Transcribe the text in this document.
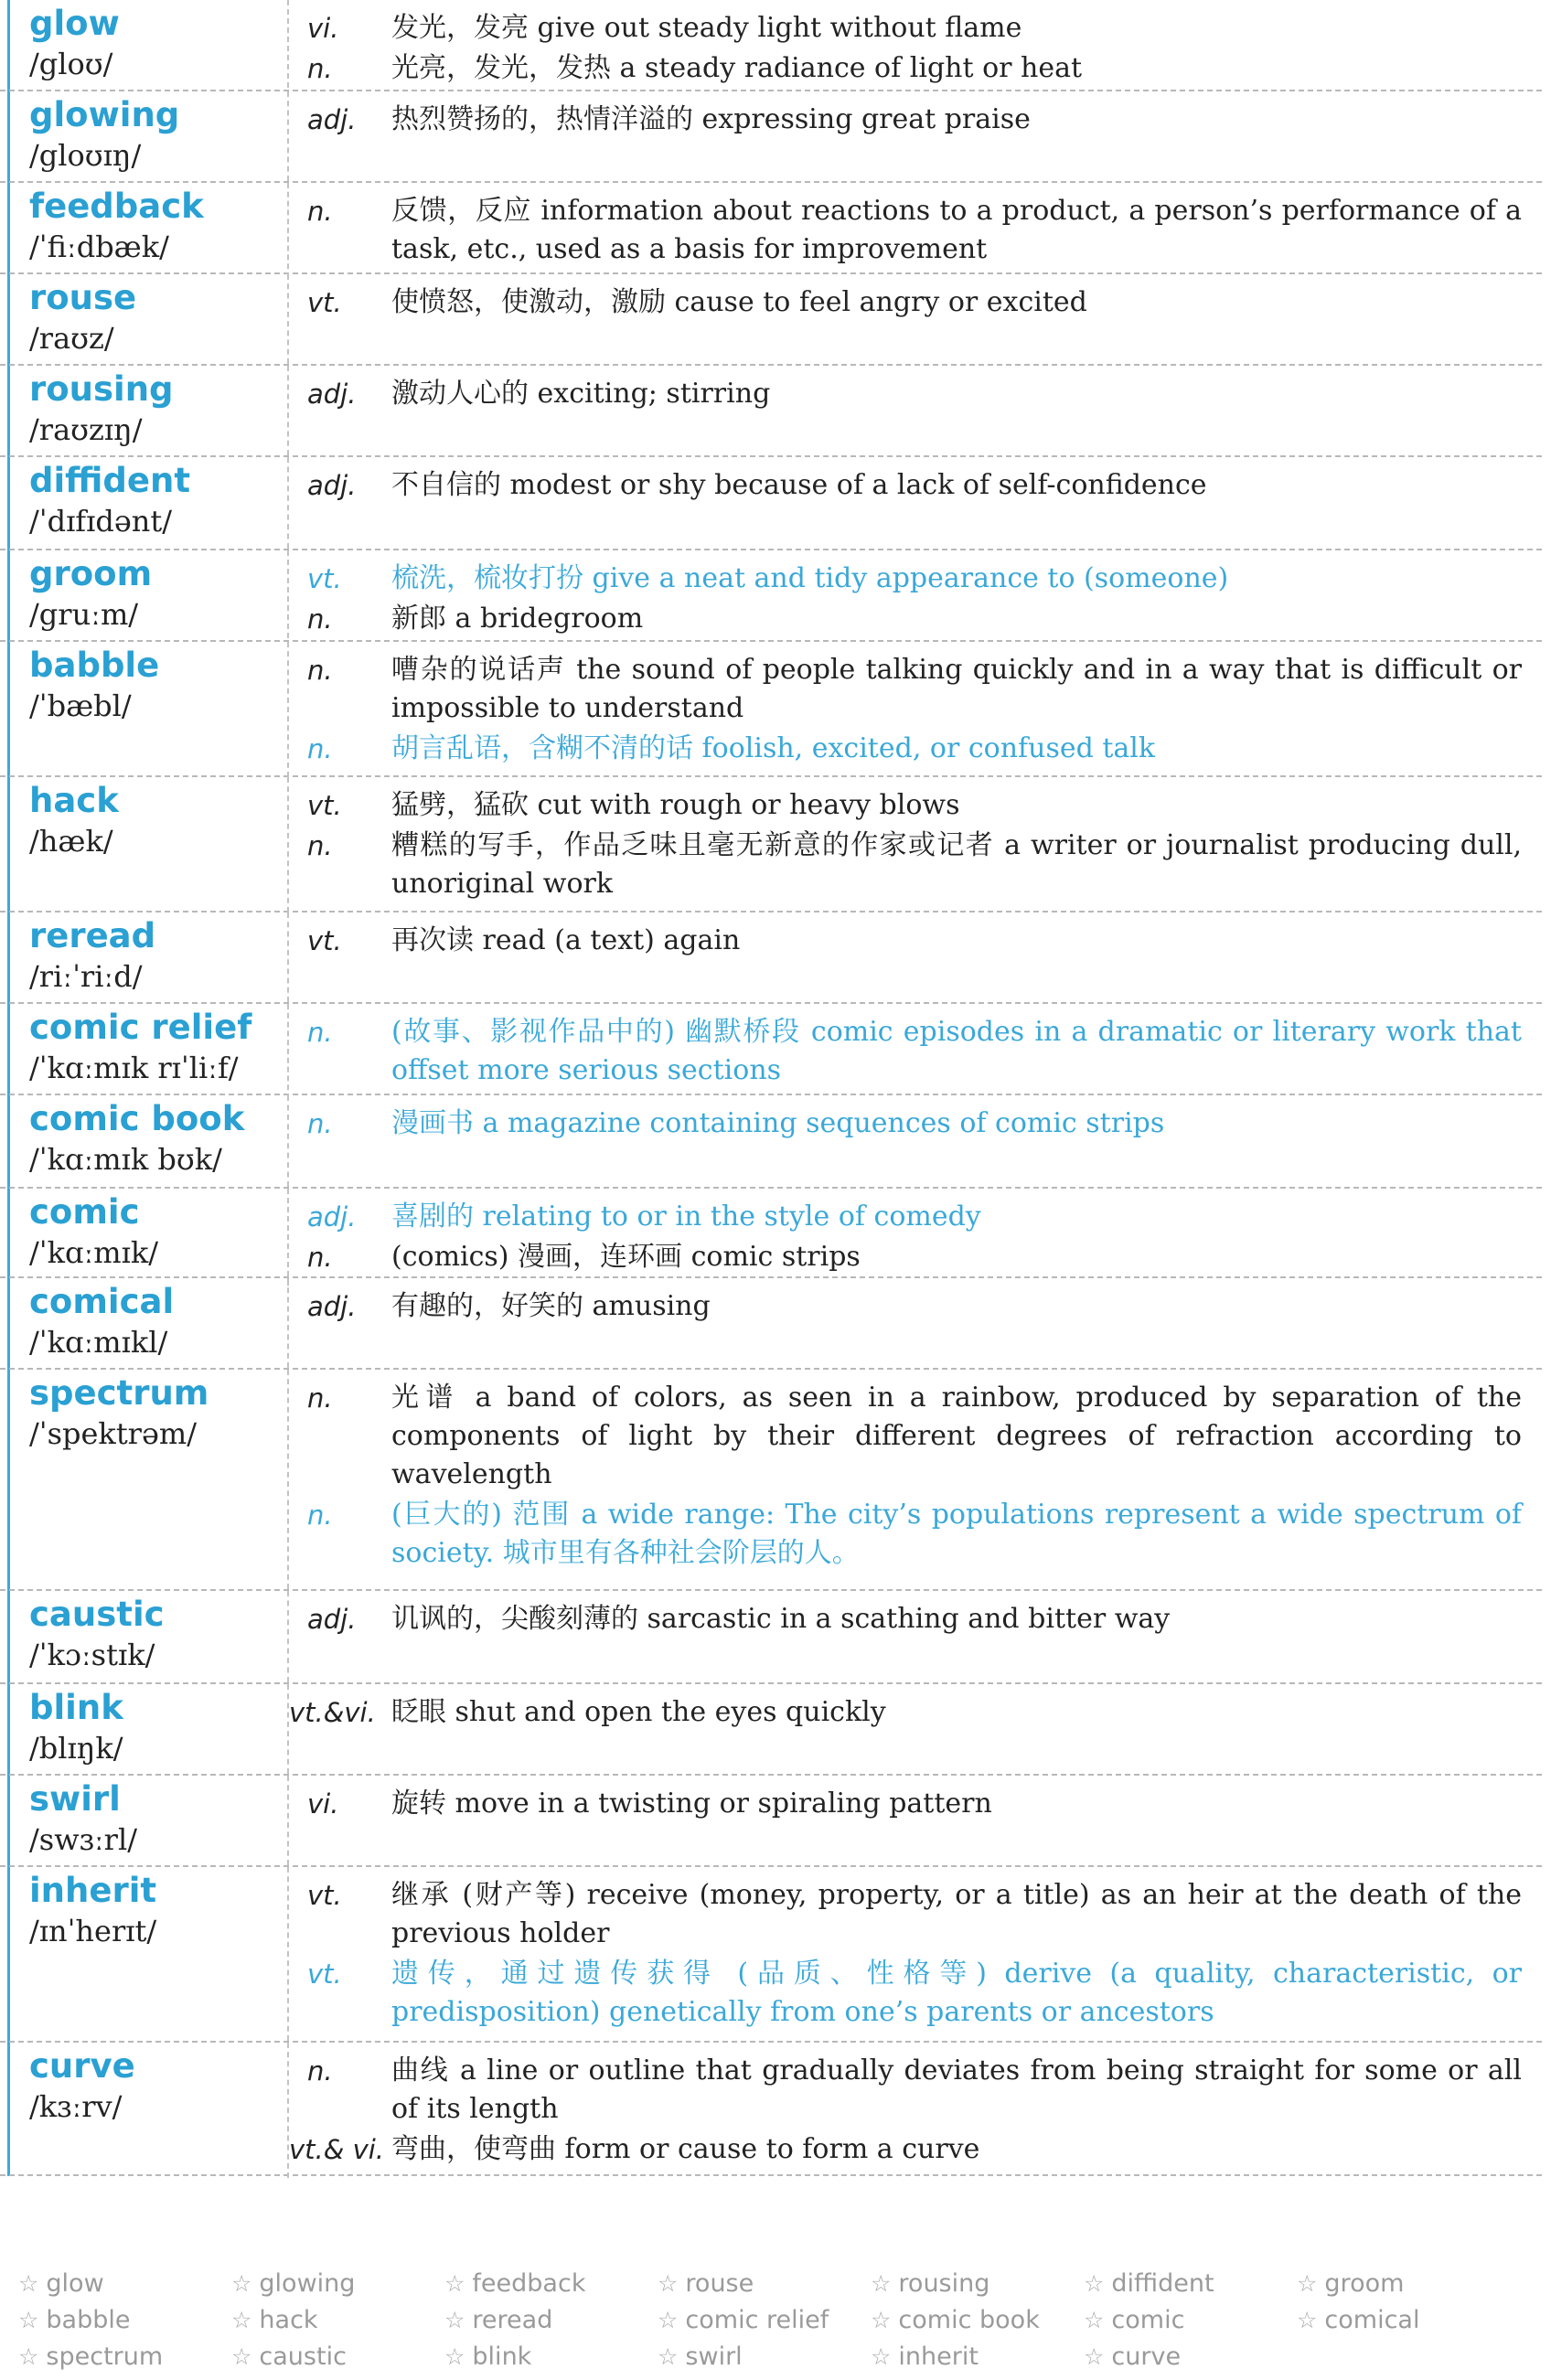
glow
/gloʊ/
vi.	发光，发亮 give out steady light without flame
n.	光亮，发光，发热 a steady radiance of light or heat
glowing
/gloʊɪŋ/
adj.	热烈赞扬的，热情洋溢的 expressing great praise
feedback
/ˈfiːdbæk/
n.	反馈，反应 information about reactions to a product, a person’s performance of a task, etc., used as a basis for improvement
rouse
/raʊz/
vt.	使愤怒，使激动，激励 cause to feel angry or excited
rousing
/raʊzɪŋ/
adj.	激动人心的 exciting; stirring
diffident
/ˈdɪfɪdənt/
adj.	不自信的 modest or shy because of a lack of self-confidence
groom
/gruːm/
vt.	梳洗，梳妆打扮 give a neat and tidy appearance to (someone)
n.	新郎 a bridegroom
babble
/ˈbæbl/
n.	嘈杂的说话声 the sound of people talking quickly and in a way that is difficult or impossible to understand
n.	胡言乱语，含糊不清的话 foolish, excited, or confused talk
hack
/hæk/
vt.	猛劈，猛砍 cut with rough or heavy blows
n.	糟糕的写手，作品乏味且毫无新意的作家或记者 a writer or journalist producing dull, unoriginal work
reread
/riːˈriːd/
vt.	再次读 read (a text) again
comic relief
/ˈkɑːmɪk rɪˈliːf/
n.	(故事、影视作品中的) 幽默桥段 comic episodes in a dramatic or literary work that offset more serious sections
comic book
/ˈkɑːmɪk bʊk/
n.	漫画书 a magazine containing sequences of comic strips
comic
/ˈkɑːmɪk/
adj.	喜剧的 relating to or in the style of comedy
n.	(comics) 漫画，连环画 comic strips
comical
/ˈkɑːmɪkl/
adj.	有趣的，好笑的 amusing
spectrum
/ˈspektrəm/
n.	光谱 a band of colors, as seen in a rainbow, produced by separation of the components of light by their different degrees of refraction according to wavelength
n.	(巨大的) 范围 a wide range: The city’s populations represent a wide spectrum of society. 城市里有各种社会阶层的人。
caustic
/ˈkɔːstɪk/
adj.	讥讽的，尖酸刻薄的 sarcastic in a scathing and bitter way
blink
/blɪŋk/
vt.&vi. 眨眼 shut and open the eyes quickly
swirl
/swɜːrl/
vi.	旋转 move in a twisting or spiraling pattern
inherit
/ɪnˈherɪt/
vt.	继承 (财产等) receive (money, property, or a title) as an heir at the death of the previous holder
vt.	遗传，通过遗传获得 (品质、性格等) derive (a quality, characteristic, or predisposition) genetically from one’s parents or ancestors
curve
/kɜːrv/
n.	曲线 a line or outline that gradually deviates from being straight for some or all of its length
vt.& vi. 弯曲，使弯曲 form or cause to form a curve
☆ glow	☆ glowing	☆ feedback	☆ rouse	☆ rousing	☆ diffident	☆ groom
☆ babble	☆ hack	☆ reread	☆ comic relief	☆ comic book	☆ comic	☆ comical
☆ spectrum	☆ caustic	☆ blink	☆ swirl	☆ inherit	☆ curve
